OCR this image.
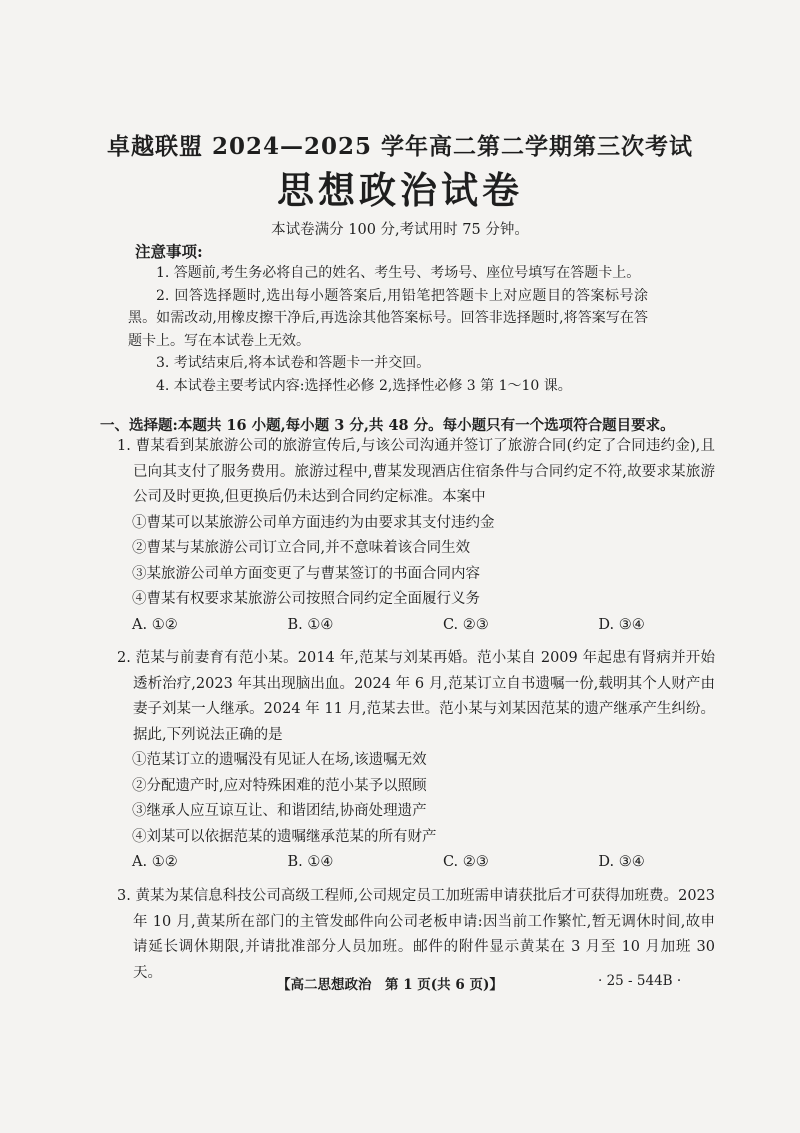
卓越联盟 2024—2025 学年高二第二学期第三次考试
思想政治试卷
本试卷满分 100 分,考试用时 75 分钟。
注意事项:

1. 答题前,考生务必将自己的姓名、考生号、考场号、座位号填写在答题卡上。

2. 回答选择题时,选出每小题答案后,用铅笔把答题卡上对应题目的答案标号涂黑。如需改动,用橡皮擦干净后,再选涂其他答案标号。回答非选择题时,将答案写在答题卡上。写在本试卷上无效。

3. 考试结束后,将本试卷和答题卡一并交回。

4. 本试卷主要考试内容:选择性必修 2,选择性必修 3 第 1～10 课。

一、选择题:本题共 16 小题,每小题 3 分,共 48 分。每小题只有一个选项符合题目要求。

1. 曹某看到某旅游公司的旅游宣传后,与该公司沟通并签订了旅游合同(约定了合同违约金),且已向其支付了服务费用。旅游过程中,曹某发现酒店住宿条件与合同约定不符,故要求某旅游公司及时更换,但更换后仍未达到合同约定标准。本案中

①曹某可以某旅游公司单方面违约为由要求其支付违约金

②曹某与某旅游公司订立合同,并不意味着该合同生效

③某旅游公司单方面变更了与曹某签订的书面合同内容

④曹某有权要求某旅游公司按照合同约定全面履行义务

A. ①②	B. ①④	C. ②③	D. ③④

2. 范某与前妻育有范小某。2014 年,范某与刘某再婚。范小某自 2009 年起患有肾病并开始透析治疗,2023 年其出现脑出血。2024 年 6 月,范某订立自书遗嘱一份,载明其个人财产由妻子刘某一人继承。2024 年 11 月,范某去世。范小某与刘某因范某的遗产继承产生纠纷。据此,下列说法正确的是

①范某订立的遗嘱没有见证人在场,该遗嘱无效

②分配遗产时,应对特殊困难的范小某予以照顾

③继承人应互谅互让、和谐团结,协商处理遗产

④刘某可以依据范某的遗嘱继承范某的所有财产

A. ①②	B. ①④	C. ②③	D. ③④

3. 黄某为某信息科技公司高级工程师,公司规定员工加班需申请获批后才可获得加班费。2023 年 10 月,黄某所在部门的主管发邮件向公司老板申请:因当前工作繁忙,暂无调休时间,故申请延长调休期限,并请批准部分人员加班。邮件的附件显示黄某在 3 月至 10 月加班 30 天。

【高二思想政治　第 1 页(共 6 页)】	· 25 - 544B ·
